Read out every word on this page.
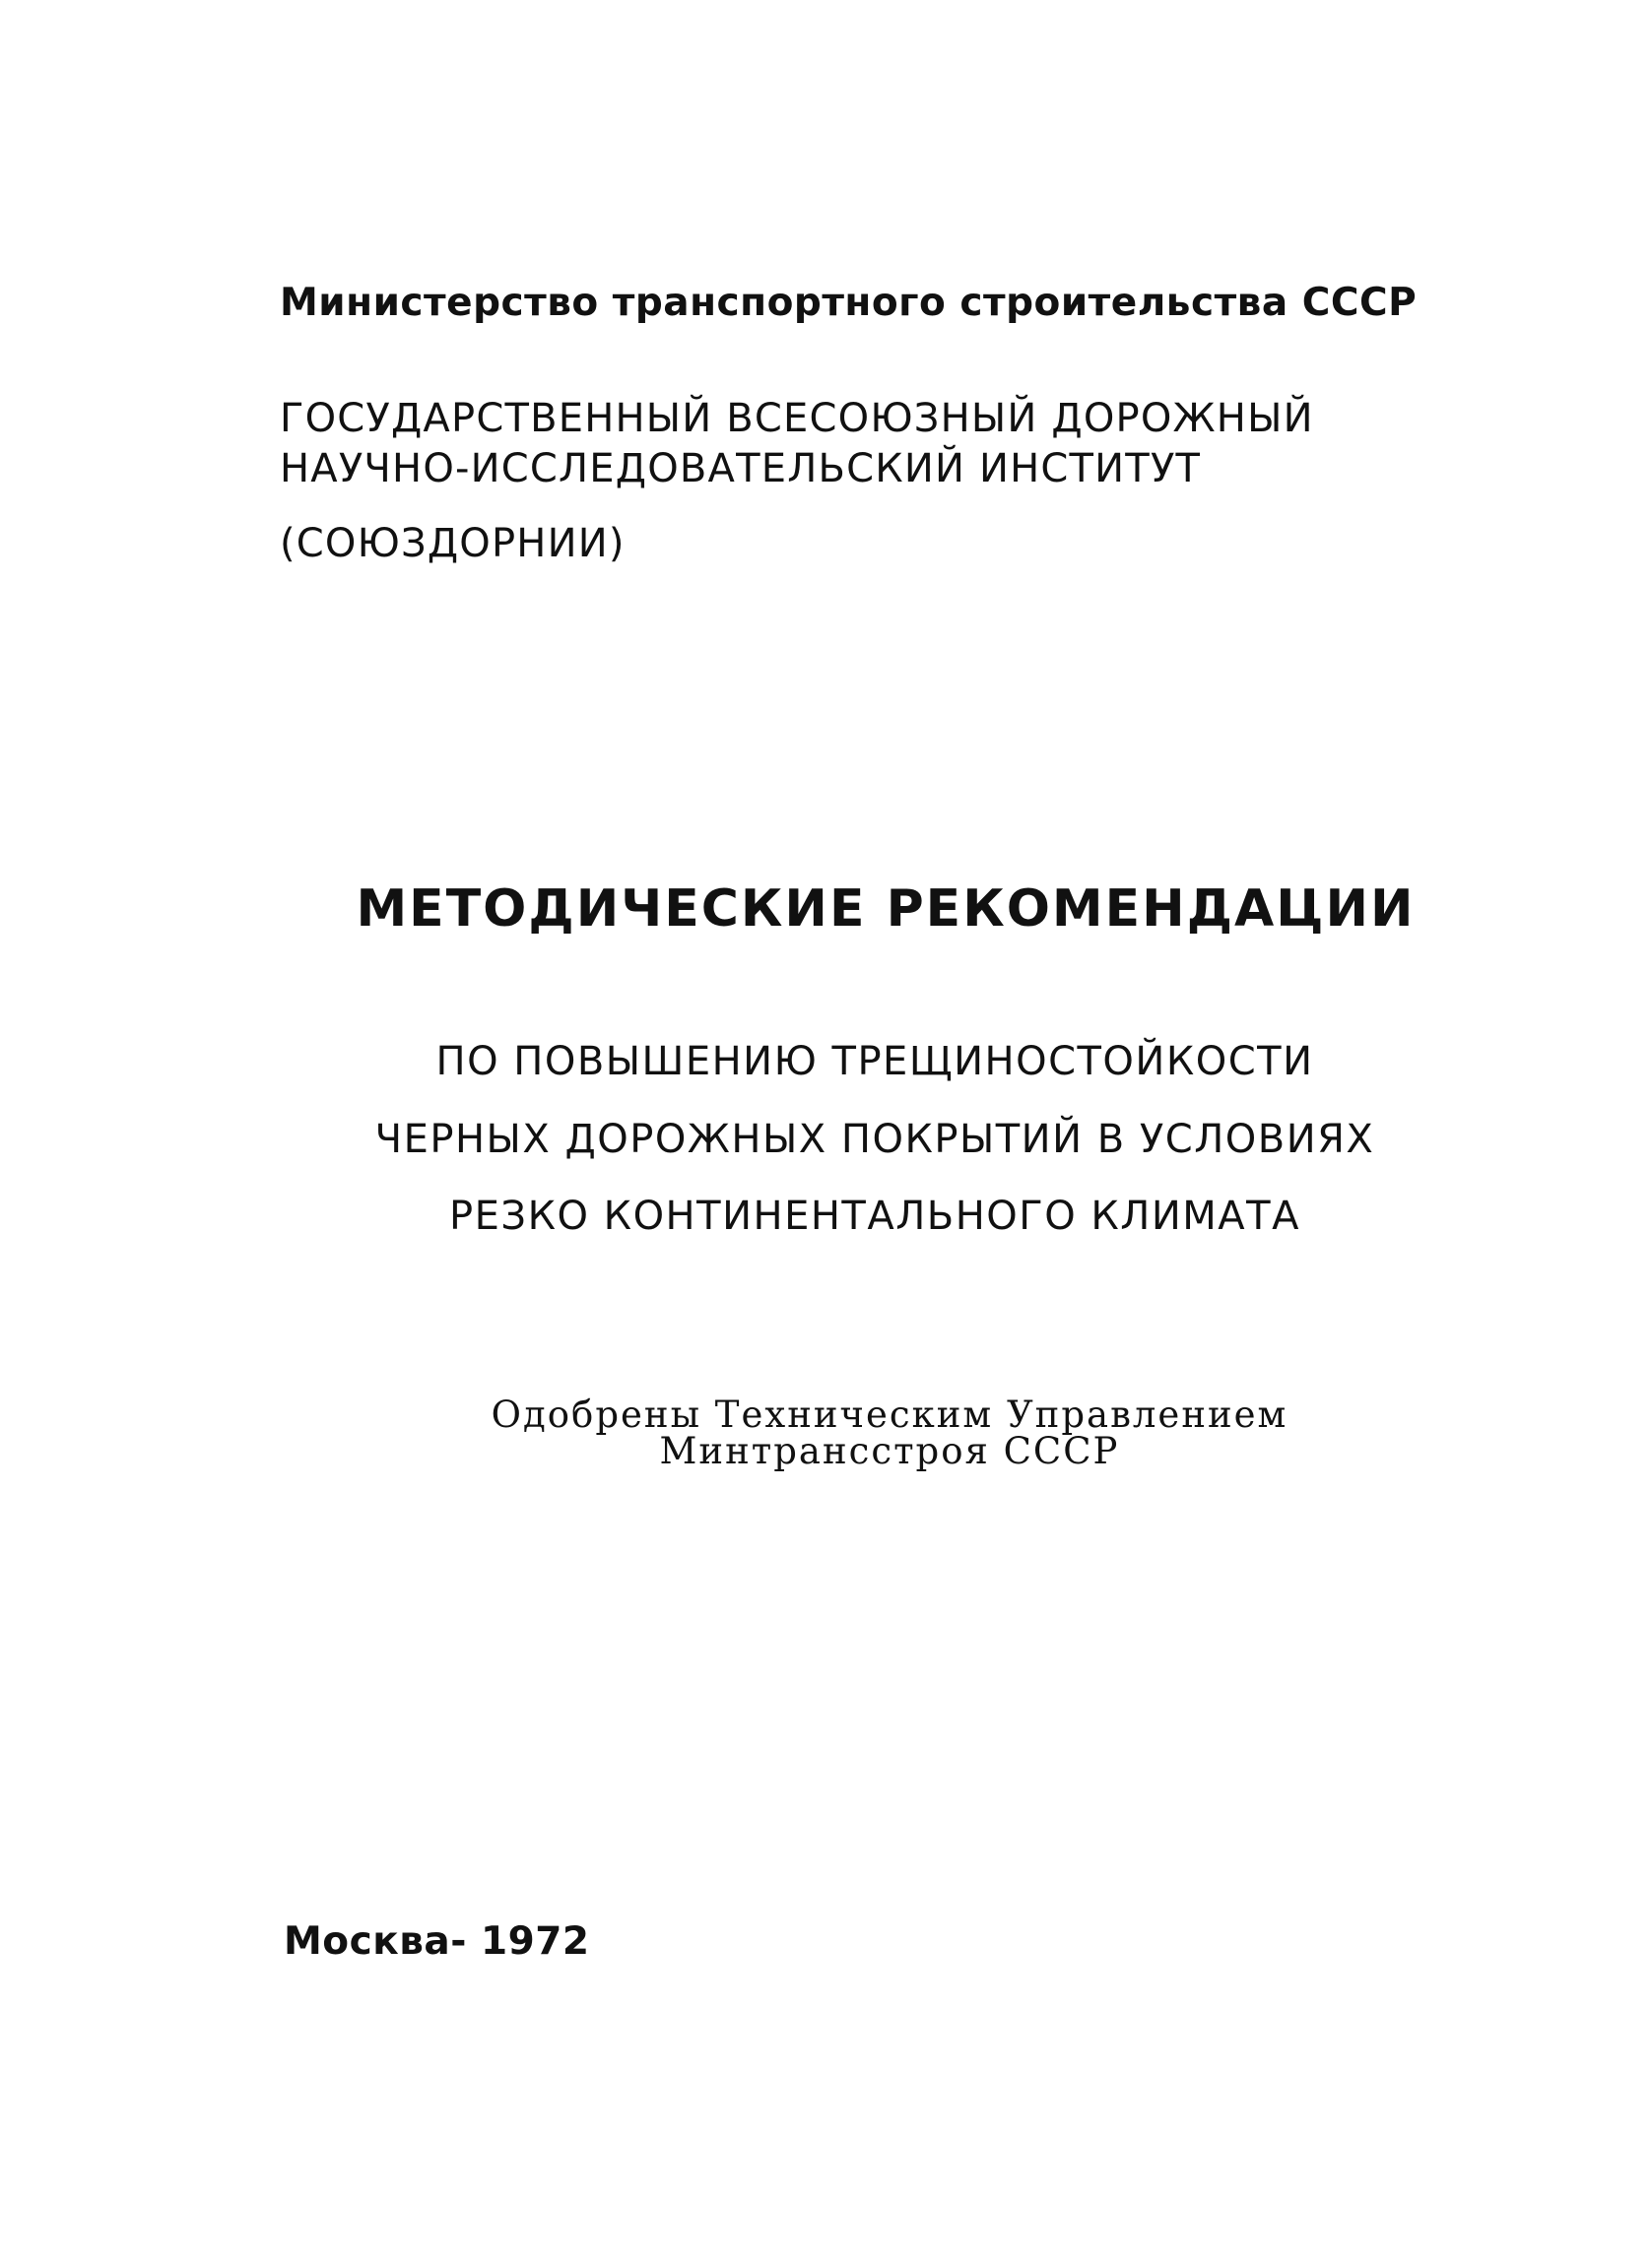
Министерство транспортного строительства СССР

ГОСУДАРСТВЕННЫЙ ВСЕСОЮЗНЫЙ ДОРОЖНЫЙ

НАУЧНО-ИССЛЕДОВАТЕЛЬСКИЙ ИНСТИТУТ

(СОЮЗДОРНИИ)

МЕТОДИЧЕСКИЕ РЕКОМЕНДАЦИИ

ПО ПОВЫШЕНИЮ ТРЕЩИНОСТОЙКОСТИ

ЧЕРНЫХ ДОРОЖНЫХ ПОКРЫТИЙ В УСЛОВИЯХ

РЕЗКО КОНТИНЕНТАЛЬНОГО КЛИМАТА

Одобрены Техническим Управлением

Минтрансстроя СССР

Москва- 1972
